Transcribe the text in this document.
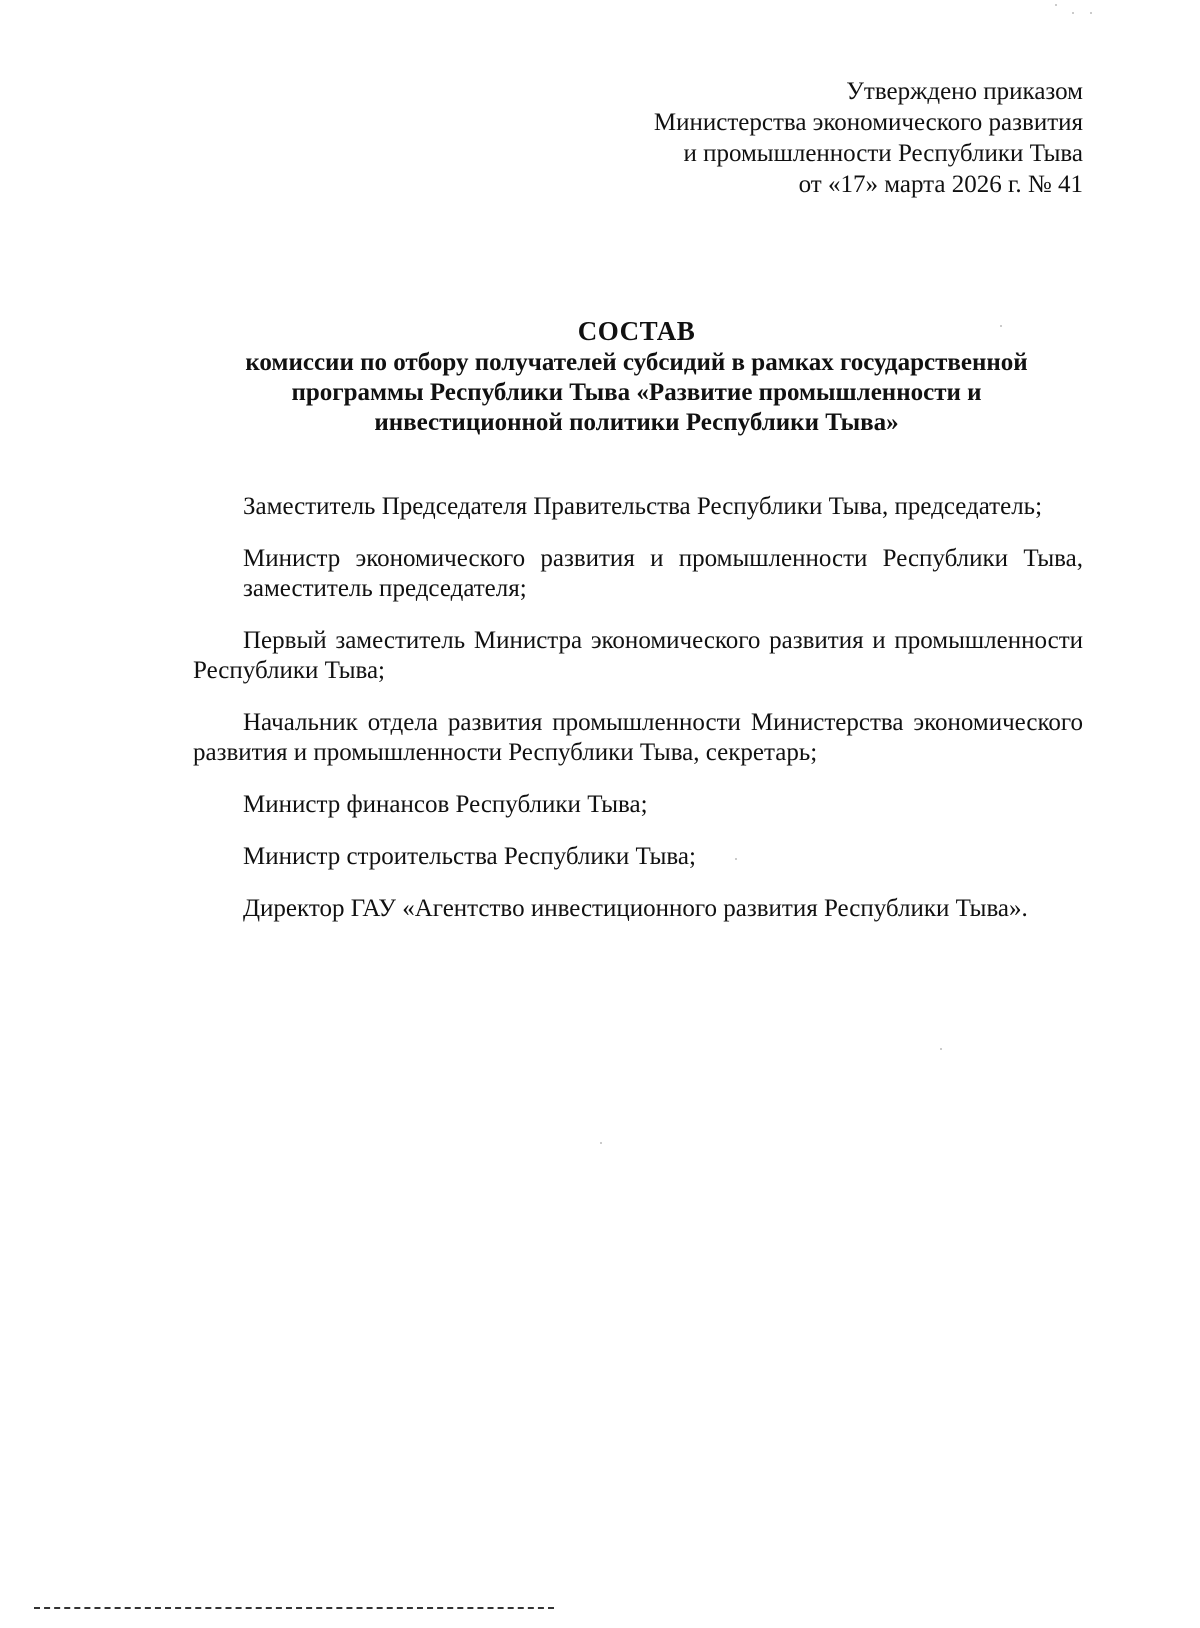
Утверждено приказом
Министерства экономического развития
и промышленности Республики Тыва
от «17» марта 2026 г. № 41
СОСТАВ
комиссии по отбору получателей субсидий в рамках государственной
программы Республики Тыва «Развитие промышленности и
инвестиционной политики Республики Тыва»

Заместитель Председателя Правительства Республики Тыва, председатель;

Министр экономического развития и промышленности Республики Тыва, заместитель председателя;

Первый заместитель Министра экономического развития и промышленности Республики Тыва;

Начальник отдела развития промышленности Министерства экономического развития и промышленности Республики Тыва, секретарь;

Министр финансов Республики Тыва;

Министр строительства Республики Тыва;

Директор ГАУ «Агентство инвестиционного развития Республики Тыва».
